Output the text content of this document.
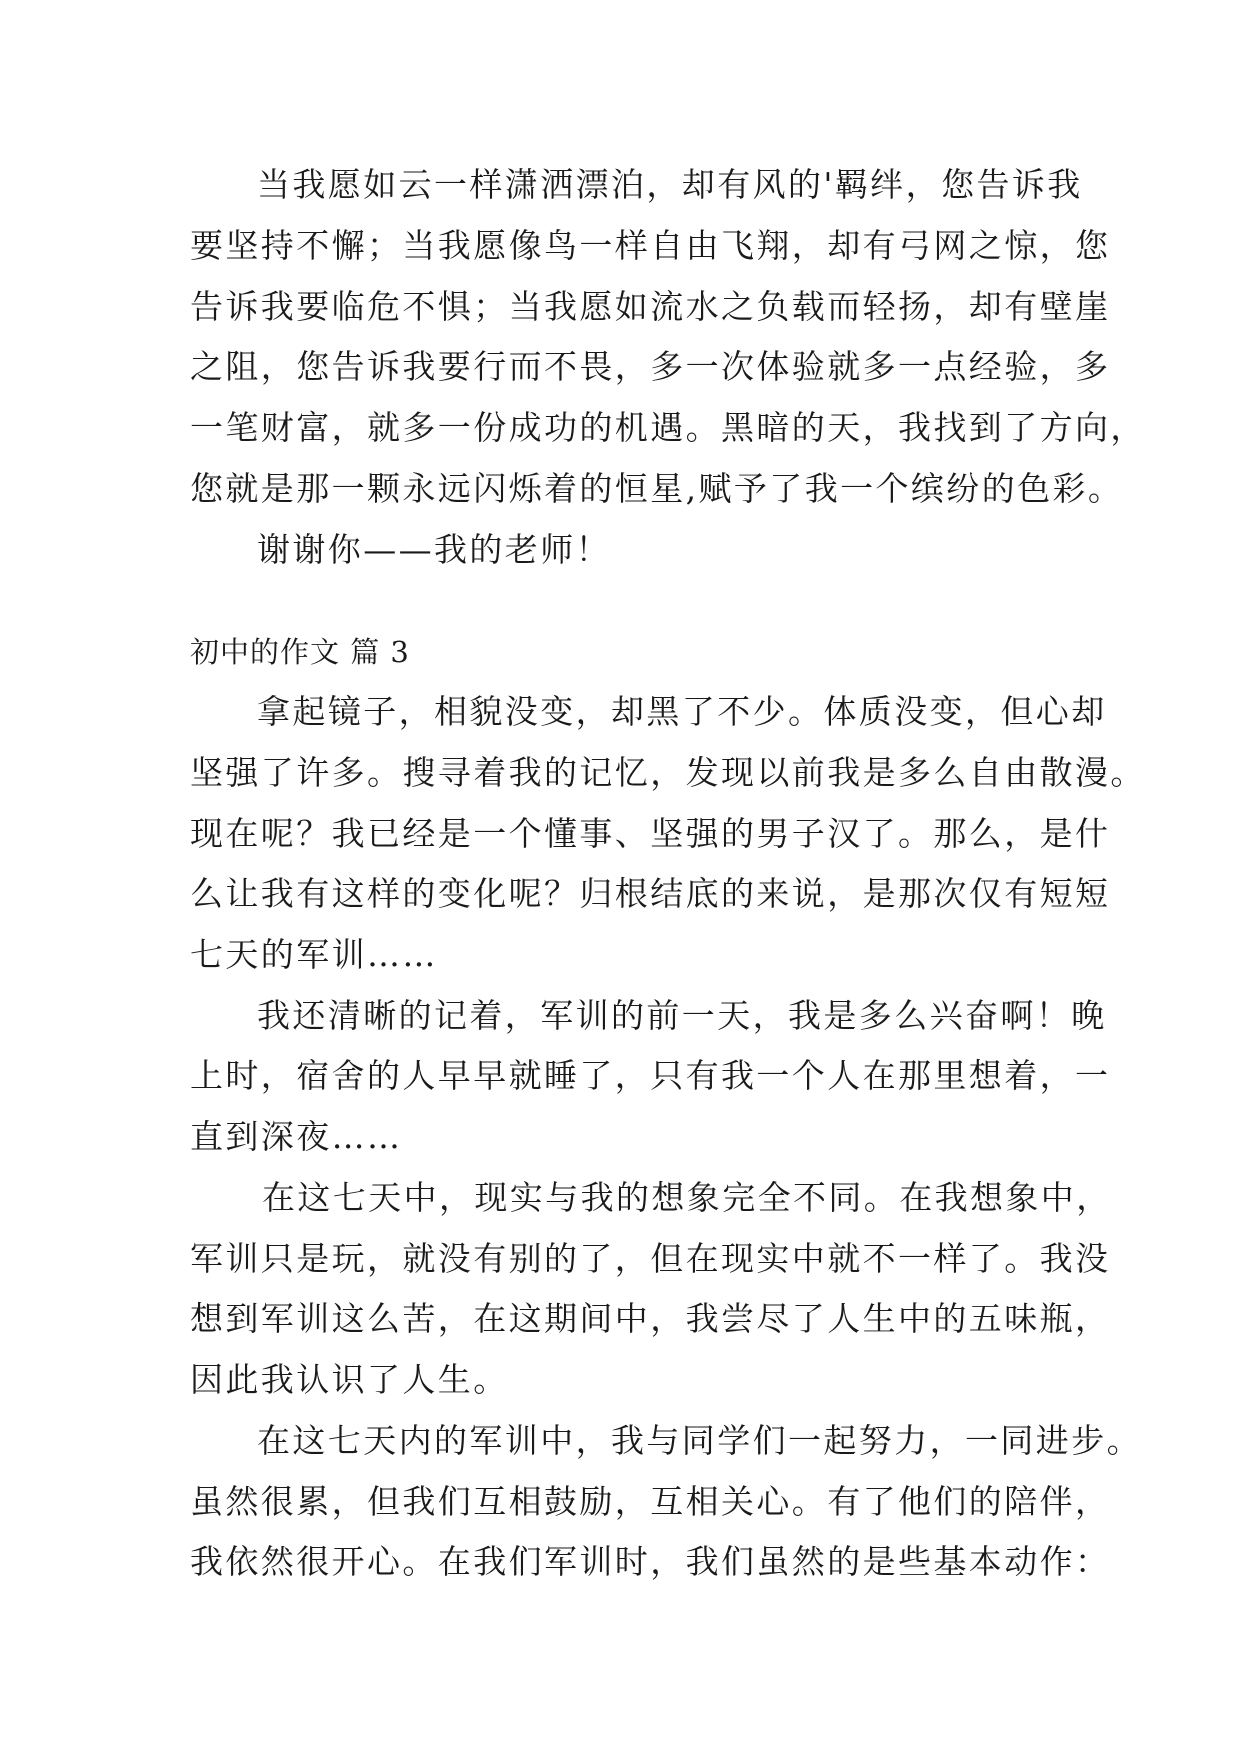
当我愿如云一样潇洒漂泊，却有风的'羁绊，您告诉我
要坚持不懈；当我愿像鸟一样自由飞翔，却有弓网之惊，您
告诉我要临危不惧；当我愿如流水之负载而轻扬，却有壁崖
之阻，您告诉我要行而不畏，多一次体验就多一点经验，多
一笔财富，就多一份成功的机遇。黑暗的天，我找到了方向，
您就是那一颗永远闪烁着的恒星,赋予了我一个缤纷的色彩。
谢谢你——我的老师！
初中的作文 篇 3
拿起镜子，相貌没变，却黑了不少。体质没变，但心却
坚强了许多。搜寻着我的记忆，发现以前我是多么自由散漫。
现在呢？我已经是一个懂事、坚强的男子汉了。那么，是什
么让我有这样的变化呢？归根结底的来说，是那次仅有短短
七天的军训……
我还清晰的记着，军训的前一天，我是多么兴奋啊！晚
上时，宿舍的人早早就睡了，只有我一个人在那里想着，一
直到深夜……
在这七天中，现实与我的想象完全不同。在我想象中，
军训只是玩，就没有别的了，但在现实中就不一样了。我没
想到军训这么苦，在这期间中，我尝尽了人生中的五味瓶，
因此我认识了人生。
在这七天内的军训中，我与同学们一起努力，一同进步。
虽然很累，但我们互相鼓励，互相关心。有了他们的陪伴，
我依然很开心。在我们军训时，我们虽然的是些基本动作：
